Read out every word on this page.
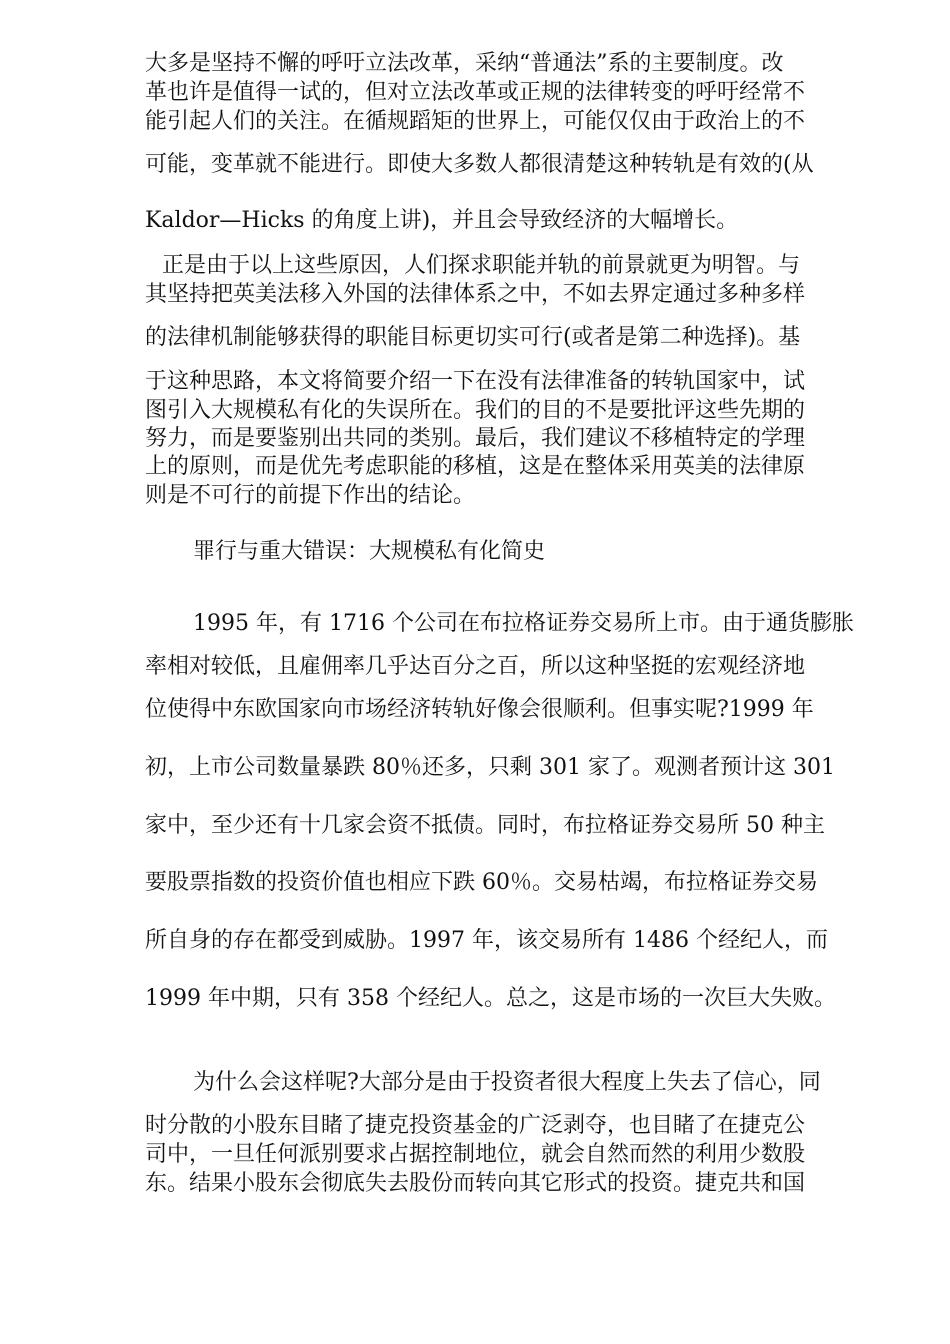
大多是坚持不懈的呼吁立法改革，采纳“普通法”系的主要制度。改
革也许是值得一试的，但对立法改革或正规的法律转变的呼吁经常不
能引起人们的关注。在循规蹈矩的世界上，可能仅仅由于政治上的不
可能，变革就不能进行。即使大多数人都很清楚这种转轨是有效的(从
Kaldor—Hicks 的角度上讲)，并且会导致经济的大幅增长。
正是由于以上这些原因，人们探求职能并轨的前景就更为明智。与
其坚持把英美法移入外国的法律体系之中，不如去界定通过多种多样
的法律机制能够获得的职能目标更切实可行(或者是第二种选择)。基
于这种思路，本文将简要介绍一下在没有法律准备的转轨国家中，试
图引入大规模私有化的失误所在。我们的目的不是要批评这些先期的
努力，而是要鉴别出共同的类别。最后，我们建议不移植特定的学理
上的原则，而是优先考虑职能的移植，这是在整体采用英美的法律原
则是不可行的前提下作出的结论。
罪行与重大错误：大规模私有化简史
1995 年，有 1716 个公司在布拉格证券交易所上市。由于通货膨胀
率相对较低，且雇佣率几乎达百分之百，所以这种坚挺的宏观经济地
位使得中东欧国家向市场经济转轨好像会很顺利。但事实呢?1999 年
初，上市公司数量暴跌 80％还多，只剩 301 家了。观测者预计这 301
家中，至少还有十几家会资不抵债。同时，布拉格证券交易所 50 种主
要股票指数的投资价值也相应下跌 60％。交易枯竭，布拉格证券交易
所自身的存在都受到威胁。1997 年，该交易所有 1486 个经纪人，而
1999 年中期，只有 358 个经纪人。总之，这是市场的一次巨大失败。
为什么会这样呢?大部分是由于投资者很大程度上失去了信心，同
时分散的小股东目睹了捷克投资基金的广泛剥夺，也目睹了在捷克公
司中，一旦任何派别要求占据控制地位，就会自然而然的利用少数股
东。结果小股东会彻底失去股份而转向其它形式的投资。捷克共和国
